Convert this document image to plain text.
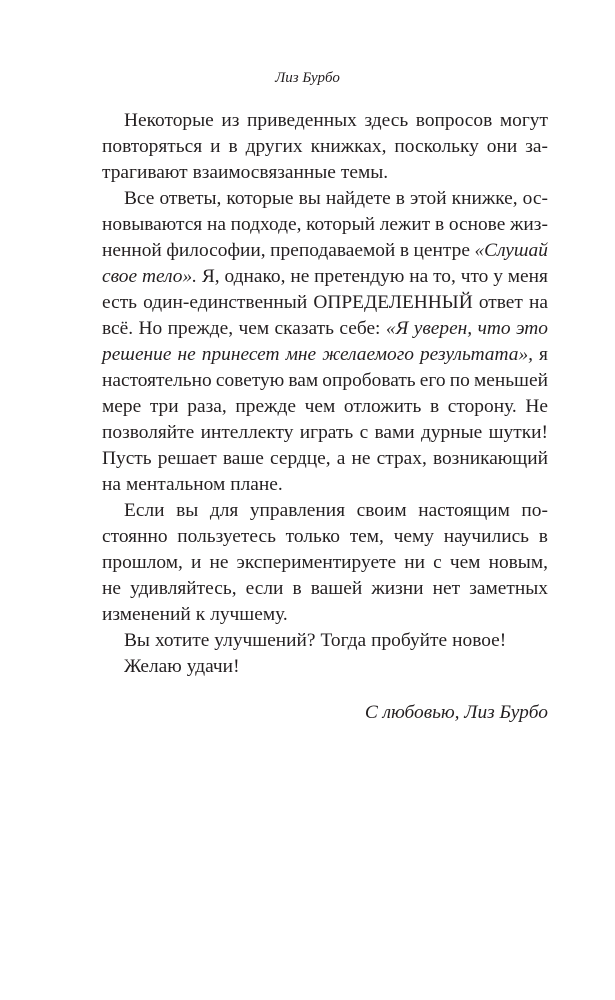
Лиз Бурбо
Некоторые из приведенных здесь вопросов могут
повторяться и в других книжках, поскольку они за-
трагивают взаимосвязанные темы.
Все ответы, которые вы найдете в этой книжке, ос-
новываются на подходе, который лежит в основе жиз-
ненной философии, преподаваемой в центре «Слушай
свое тело». Я, однако, не претендую на то, что у меня
есть один-единственный ОПРЕДЕЛЕННЫЙ ответ на
всё. Но прежде, чем сказать себе: «Я уверен, что это
решение не принесет мне желаемого результата», я
настоятельно советую вам опробовать его по меньшей
мере три раза, прежде чем отложить в сторону. Не
позволяйте интеллекту играть с вами дурные шутки!
Пусть решает ваше сердце, а не страх, возникающий
на ментальном плане.
Если вы для управления своим настоящим по-
стоянно пользуетесь только тем, чему научились в
прошлом, и не экспериментируете ни с чем новым,
не удивляйтесь, если в вашей жизни нет заметных
изменений к лучшему.
Вы хотите улучшений? Тогда пробуйте новое!
Желаю удачи!
С любовью, Лиз Бурбо
